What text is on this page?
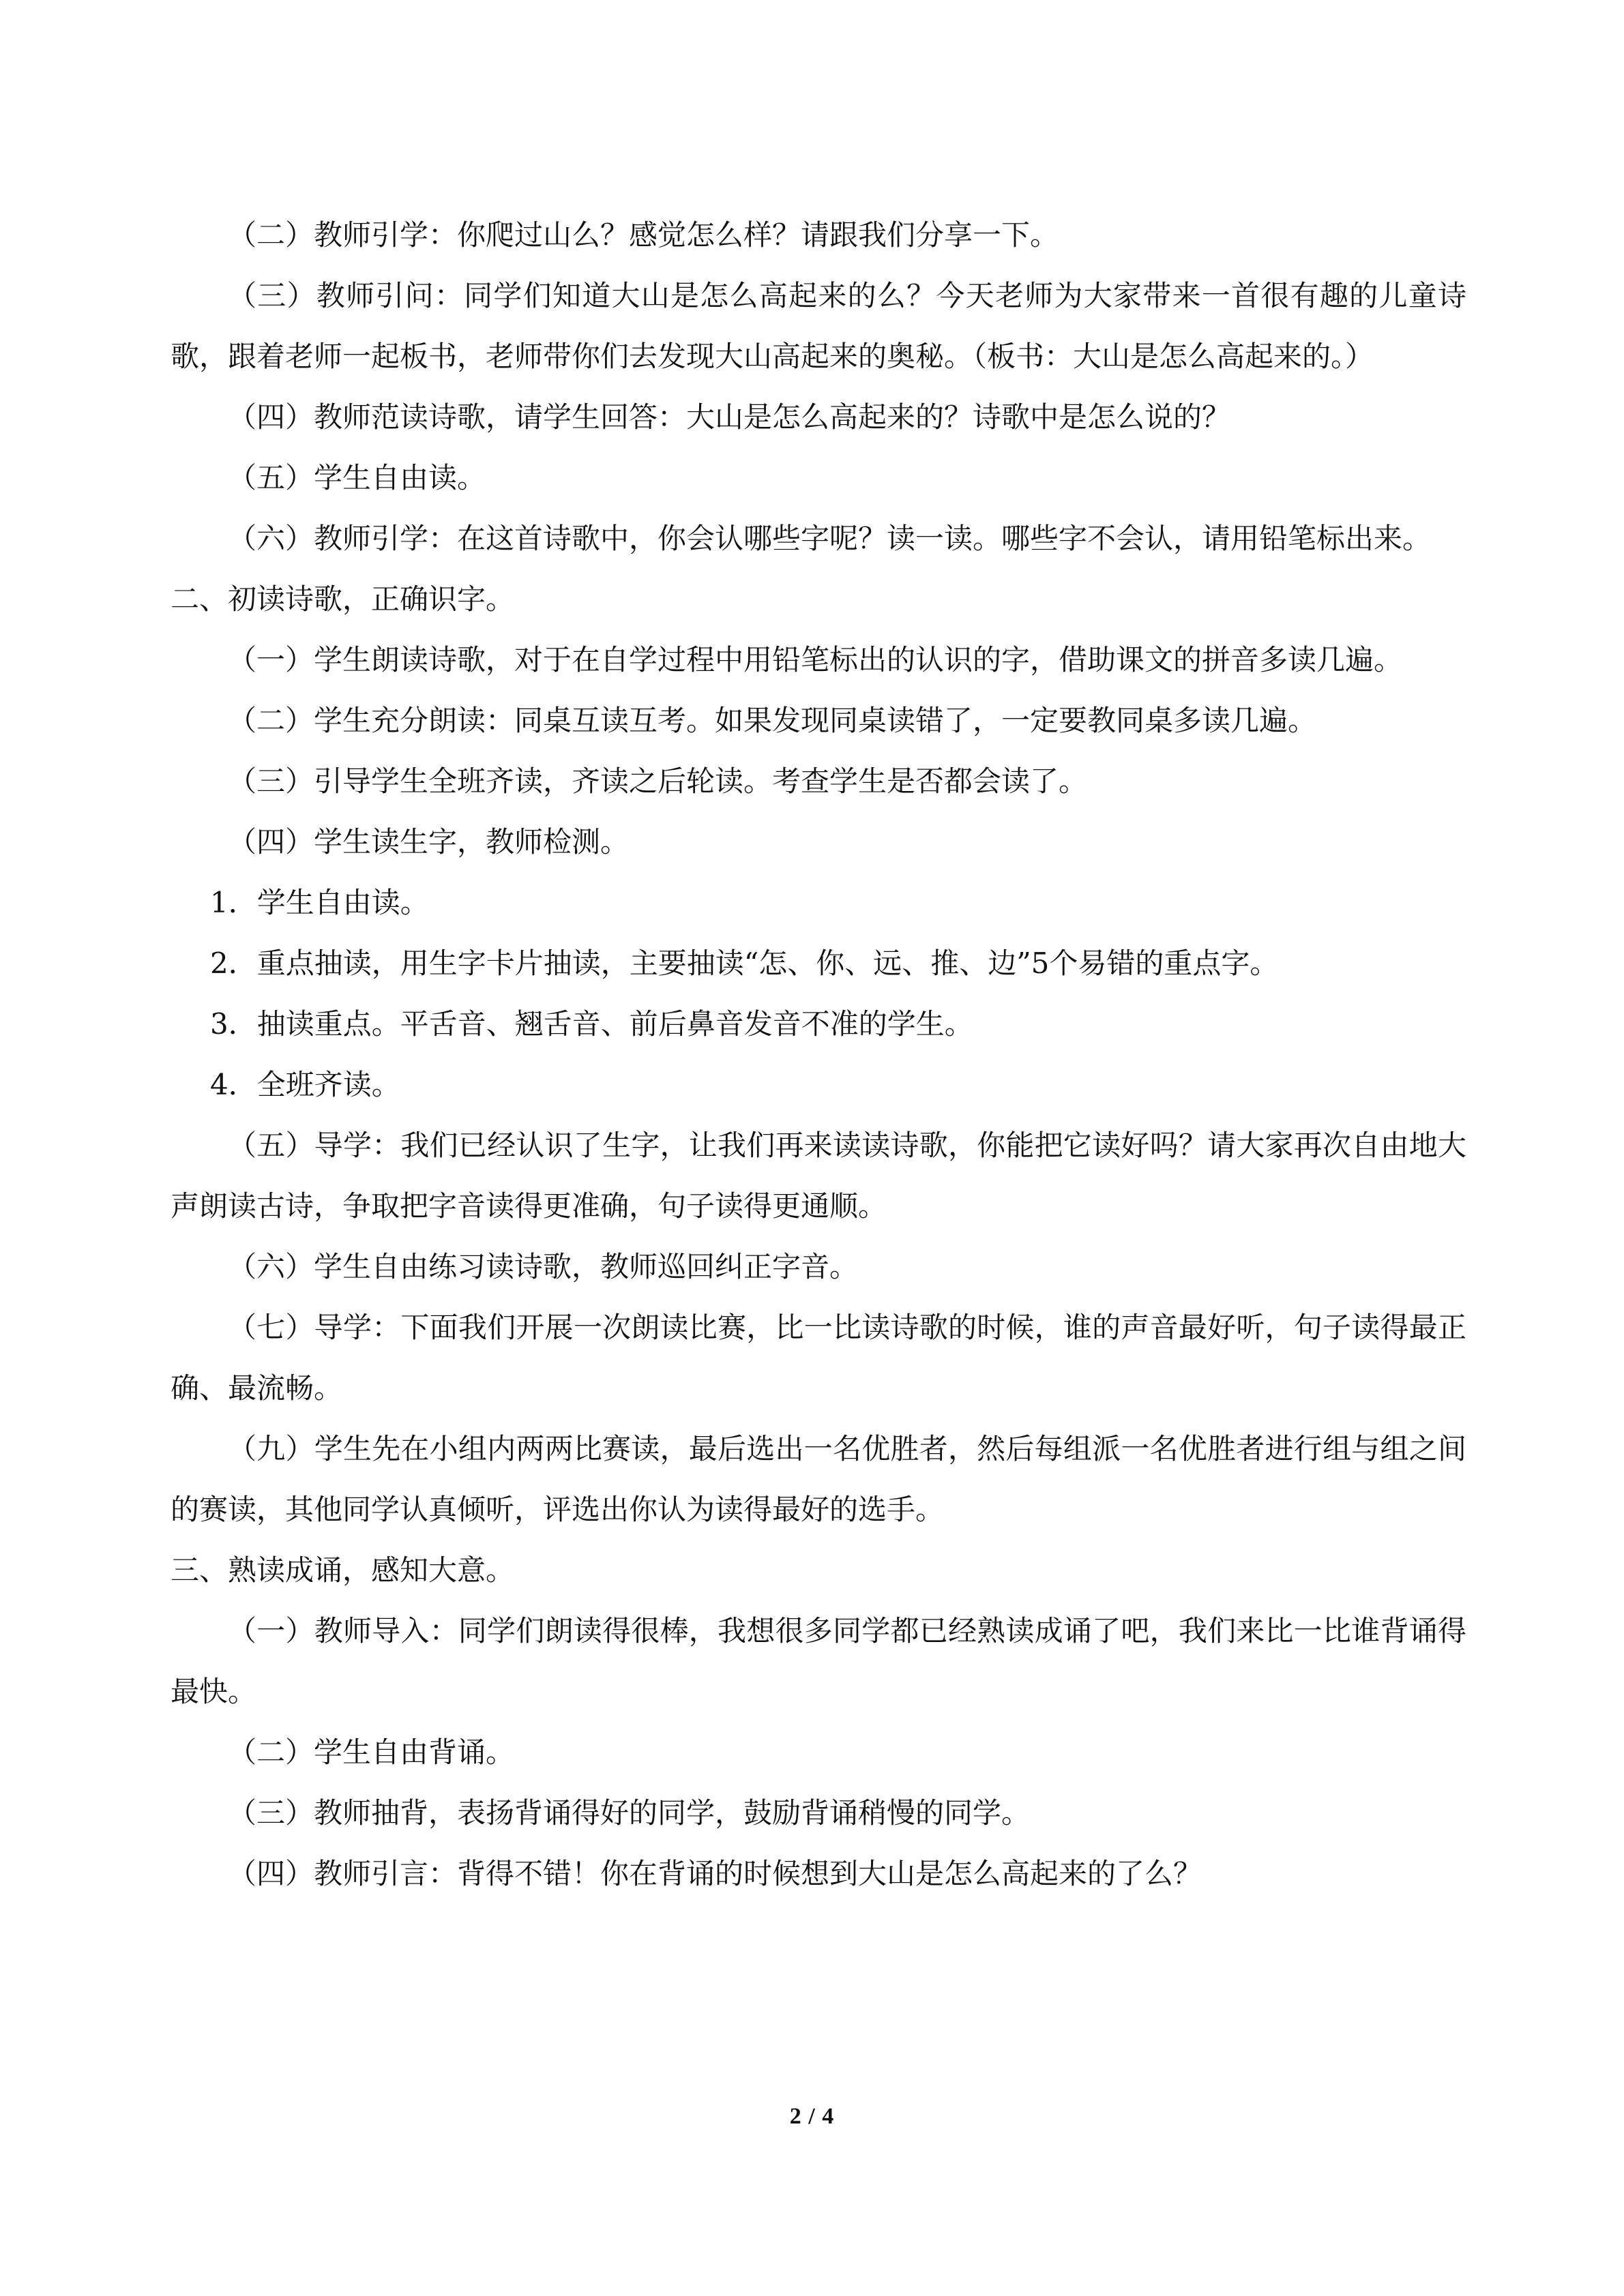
（二）教师引学：你爬过山么？感觉怎么样？请跟我们分享一下。

（三）教师引问：同学们知道大山是怎么高起来的么？今天老师为大家带来一首很有趣的儿童诗歌，跟着老师一起板书，老师带你们去发现大山高起来的奥秘。（板书：大山是怎么高起来的。）

（四）教师范读诗歌，请学生回答：大山是怎么高起来的？诗歌中是怎么说的？

（五）学生自由读。

（六）教师引学：在这首诗歌中，你会认哪些字呢？读一读。哪些字不会认，请用铅笔标出来。

二、初读诗歌，正确识字。

（一）学生朗读诗歌，对于在自学过程中用铅笔标出的认识的字，借助课文的拼音多读几遍。

（二）学生充分朗读：同桌互读互考。如果发现同桌读错了，一定要教同桌多读几遍。

（三）引导学生全班齐读，齐读之后轮读。考查学生是否都会读了。

（四）学生读生字，教师检测。

1．学生自由读。

2．重点抽读，用生字卡片抽读，主要抽读“怎、你、远、推、边”5个易错的重点字。

3．抽读重点。平舌音、翘舌音、前后鼻音发音不准的学生。

4．全班齐读。

（五）导学：我们已经认识了生字，让我们再来读读诗歌，你能把它读好吗？请大家再次自由地大声朗读古诗，争取把字音读得更准确，句子读得更通顺。

（六）学生自由练习读诗歌，教师巡回纠正字音。

（七）导学：下面我们开展一次朗读比赛，比一比读诗歌的时候，谁的声音最好听，句子读得最正确、最流畅。

（九）学生先在小组内两两比赛读，最后选出一名优胜者，然后每组派一名优胜者进行组与组之间的赛读，其他同学认真倾听，评选出你认为读得最好的选手。

三、熟读成诵，感知大意。

（一）教师导入：同学们朗读得很棒，我想很多同学都已经熟读成诵了吧，我们来比一比谁背诵得最快。

（二）学生自由背诵。

（三）教师抽背，表扬背诵得好的同学，鼓励背诵稍慢的同学。

（四）教师引言：背得不错！你在背诵的时候想到大山是怎么高起来的了么？

2 / 4
